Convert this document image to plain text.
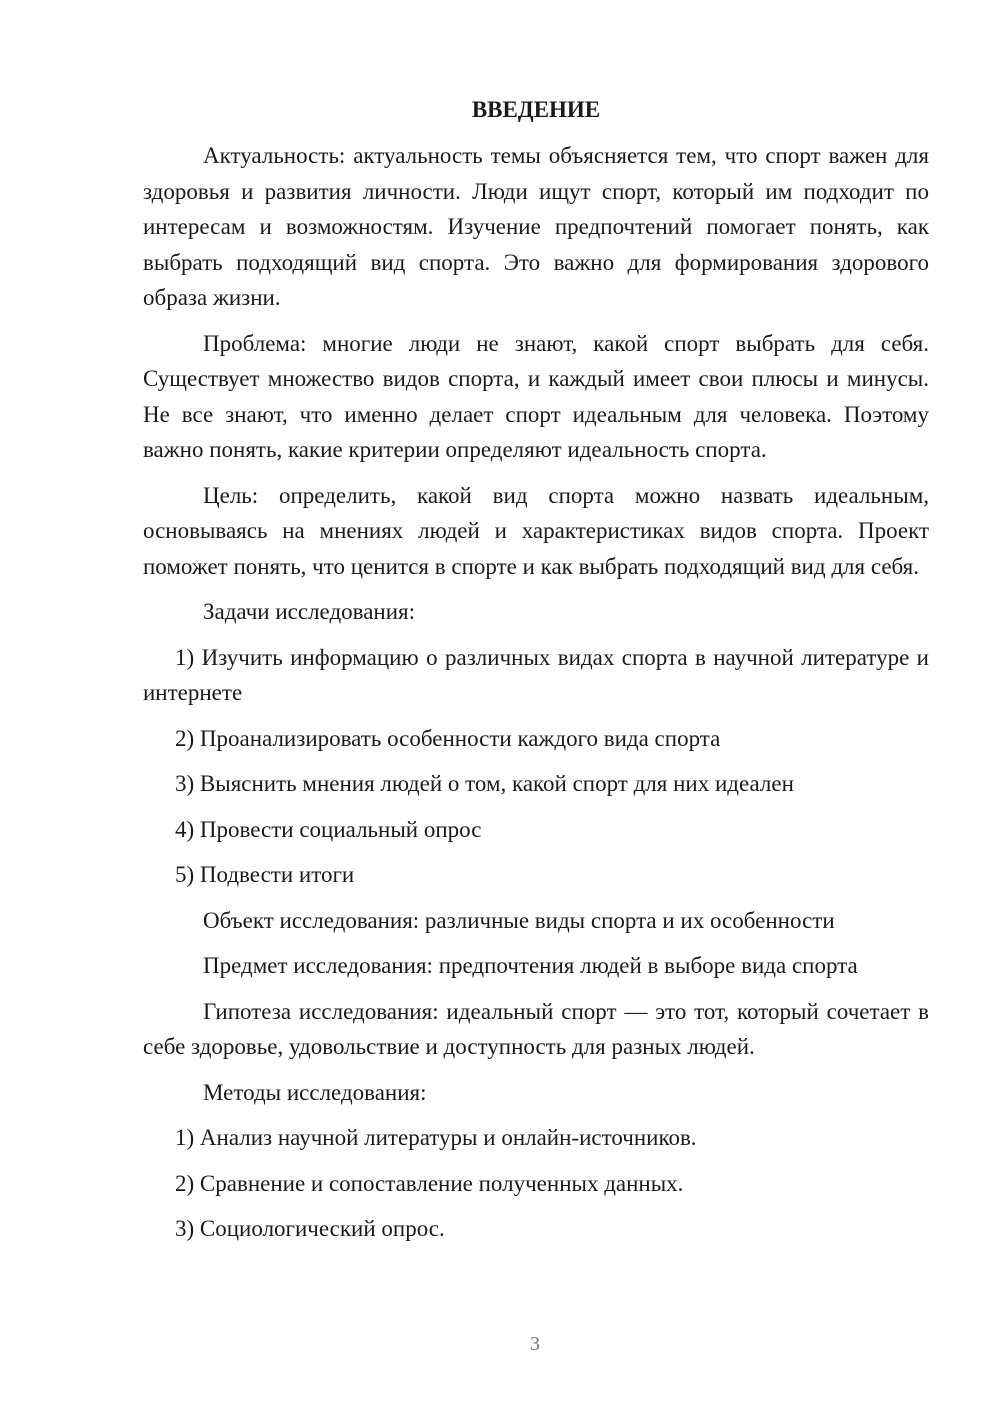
ВВЕДЕНИЕ

Актуальность: актуальность темы объясняется тем, что спорт важен для здоровья и развития личности. Люди ищут спорт, который им подходит по интересам и возможностям. Изучение предпочтений помогает понять, как выбрать подходящий вид спорта. Это важно для формирования здорового образа жизни.

Проблема: многие люди не знают, какой спорт выбрать для себя. Существует множество видов спорта, и каждый имеет свои плюсы и минусы. Не все знают, что именно делает спорт идеальным для человека. Поэтому важно понять, какие критерии определяют идеальность спорта.

Цель: определить, какой вид спорта можно назвать идеальным, основываясь на мнениях людей и характеристиках видов спорта. Проект поможет понять, что ценится в спорте и как выбрать подходящий вид для себя.

Задачи исследования:

1) Изучить информацию о различных видах спорта в научной литературе и интернете

2) Проанализировать особенности каждого вида спорта

3) Выяснить мнения людей о том, какой спорт для них идеален

4) Провести социальный опрос

5) Подвести итоги

Объект исследования: различные виды спорта и их особенности

Предмет исследования: предпочтения людей в выборе вида спорта

Гипотеза исследования: идеальный спорт — это тот, который сочетает в себе здоровье, удовольствие и доступность для разных людей.

Методы исследования:

1) Анализ научной литературы и онлайн-источников.

2) Сравнение и сопоставление полученных данных.

3) Социологический опрос.

3
